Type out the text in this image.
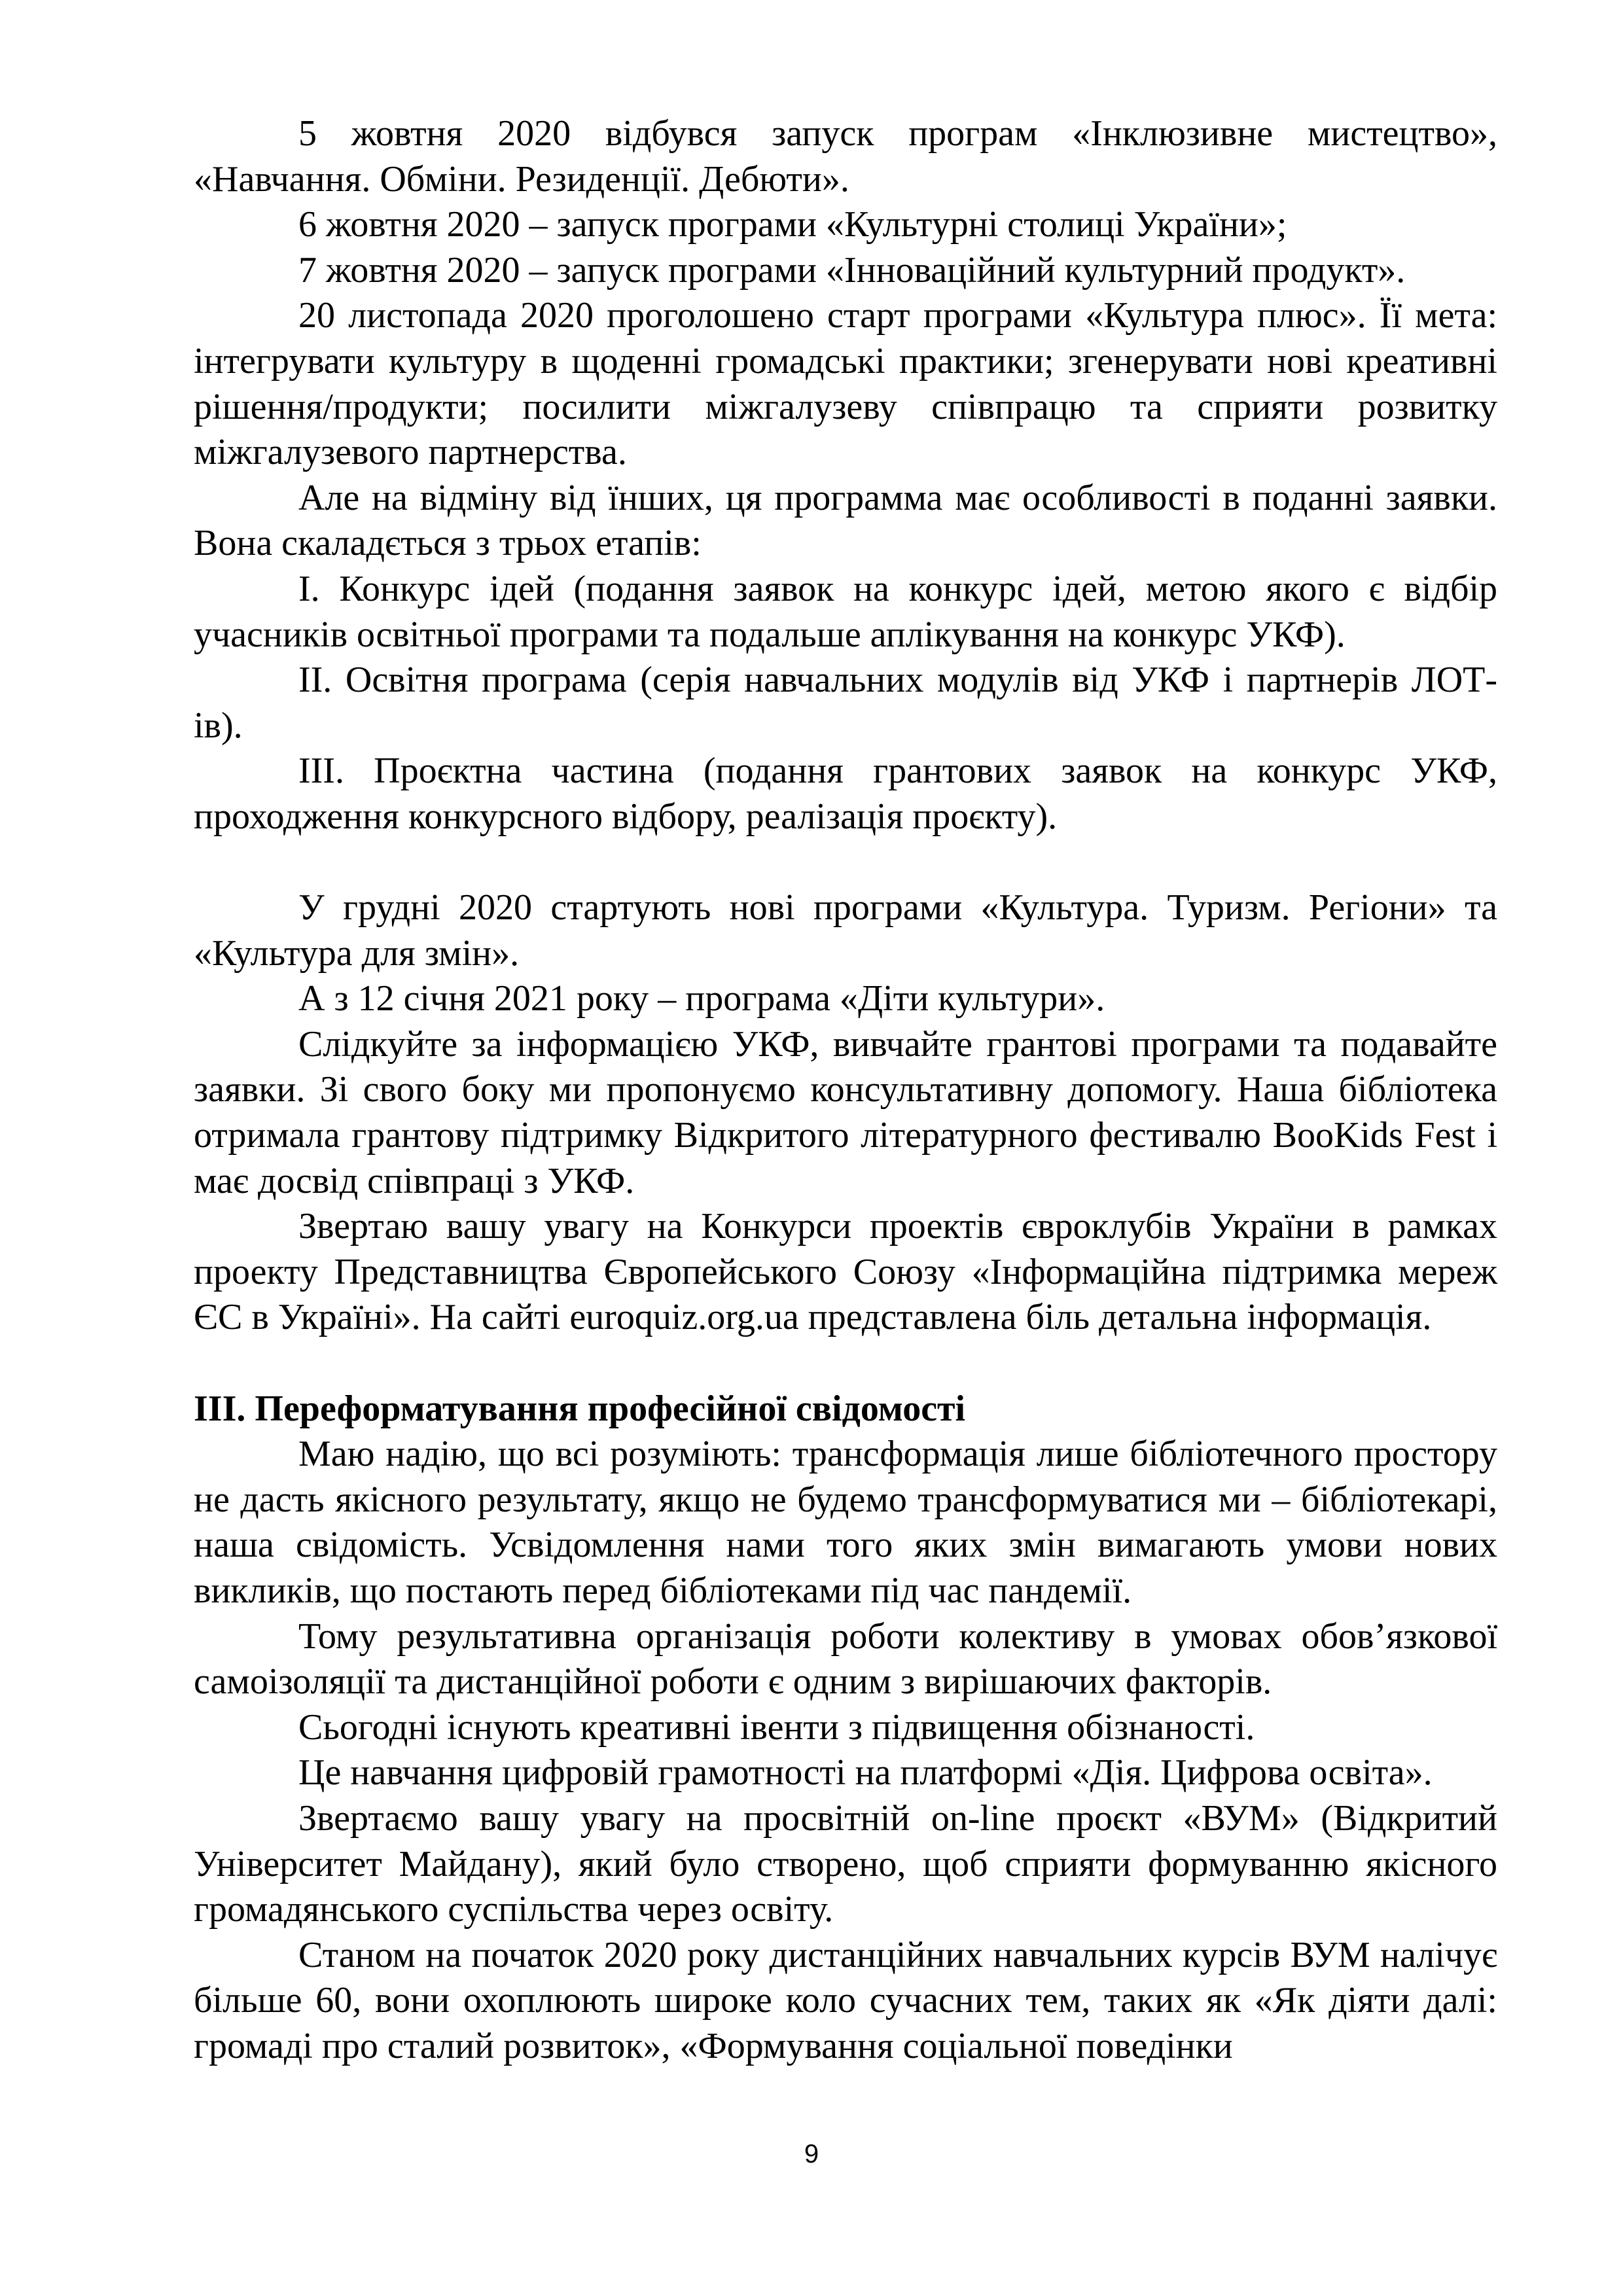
5 жовтня 2020 відбувся запуск програм «Інклюзивне мистецтво», «Навчання. Обміни. Резиденції. Дебюти».

6 жовтня 2020 – запуск програми «Культурні столиці України»;

7 жовтня 2020 – запуск програми «Інноваційний культурний продукт».

20 листопада 2020 проголошено старт програми «Культура плюс». Її мета: інтегрувати культуру в щоденні громадські практики; згенерувати нові креативні рішення/продукти; посилити міжгалузеву співпрацю та сприяти розвитку міжгалузевого партнерства.

Але на відміну від їнших, ця программа має особливості в поданні заявки. Вона скаладється з трьох етапів:

І. Конкурс ідей (подання заявок на конкурс ідей, метою якого є відбір учасників освітньої програми та подальше аплікування на конкурс УКФ).

ІІ. Освітня програма (серія навчальних модулів від УКФ і партнерів ЛОТ-ів).

ІІІ. Проєктна частина (подання грантових заявок на конкурс УКФ, проходження конкурсного відбору, реалізація проєкту).

У грудні 2020 стартують нові програми «Культура. Туризм. Регіони» та «Культура для змін».

А з 12 січня 2021 року – програма «Діти культури».

Слідкуйте за інформацією УКФ, вивчайте грантові програми та подавайте заявки. Зі свого боку ми пропонуємо консультативну допомогу. Наша бібліотека отримала грантову підтримку Відкритого літературного фестивалю BooKids Fest і має досвід співпраці з УКФ.

Звертаю вашу увагу на Конкурси проектів євроклубів України в рамках проекту Представництва Європейського Союзу «Інформаційна підтримка мереж ЄС в Україні». На сайті euroquiz.org.ua представлена біль детальна інформація.

ІІІ. Переформатування професійної свідомості

Маю надію, що всі розуміють: трансформація лише бібліотечного простору не дасть якісного результату, якщо не будемо трансформуватися ми – бібліотекарі, наша свідомість. Усвідомлення нами того яких змін вимагають умови нових викликів, що постають перед бібліотеками під час пандемії.

Тому результативна організація роботи колективу в умовах обов’язкової самоізоляції та дистанційної роботи є одним з вирішаючих факторів.

Сьогодні існують креативні івенти з підвищення обізнаності.

Це навчання цифровій грамотності на платформі «Дія. Цифрова освіта».

Звертаємо вашу увагу на просвітній on-line проєкт «ВУМ» (Відкритий Університет Майдану), який було створено, щоб сприяти формуванню якісного громадянського суспільства через освіту.

Станом на початок 2020 року дистанційних навчальних курсів ВУМ налічує більше 60, вони охоплюють широке коло сучасних тем, таких як «Як діяти далі: громаді про сталий розвиток», «Формування соціальної поведінки

9
